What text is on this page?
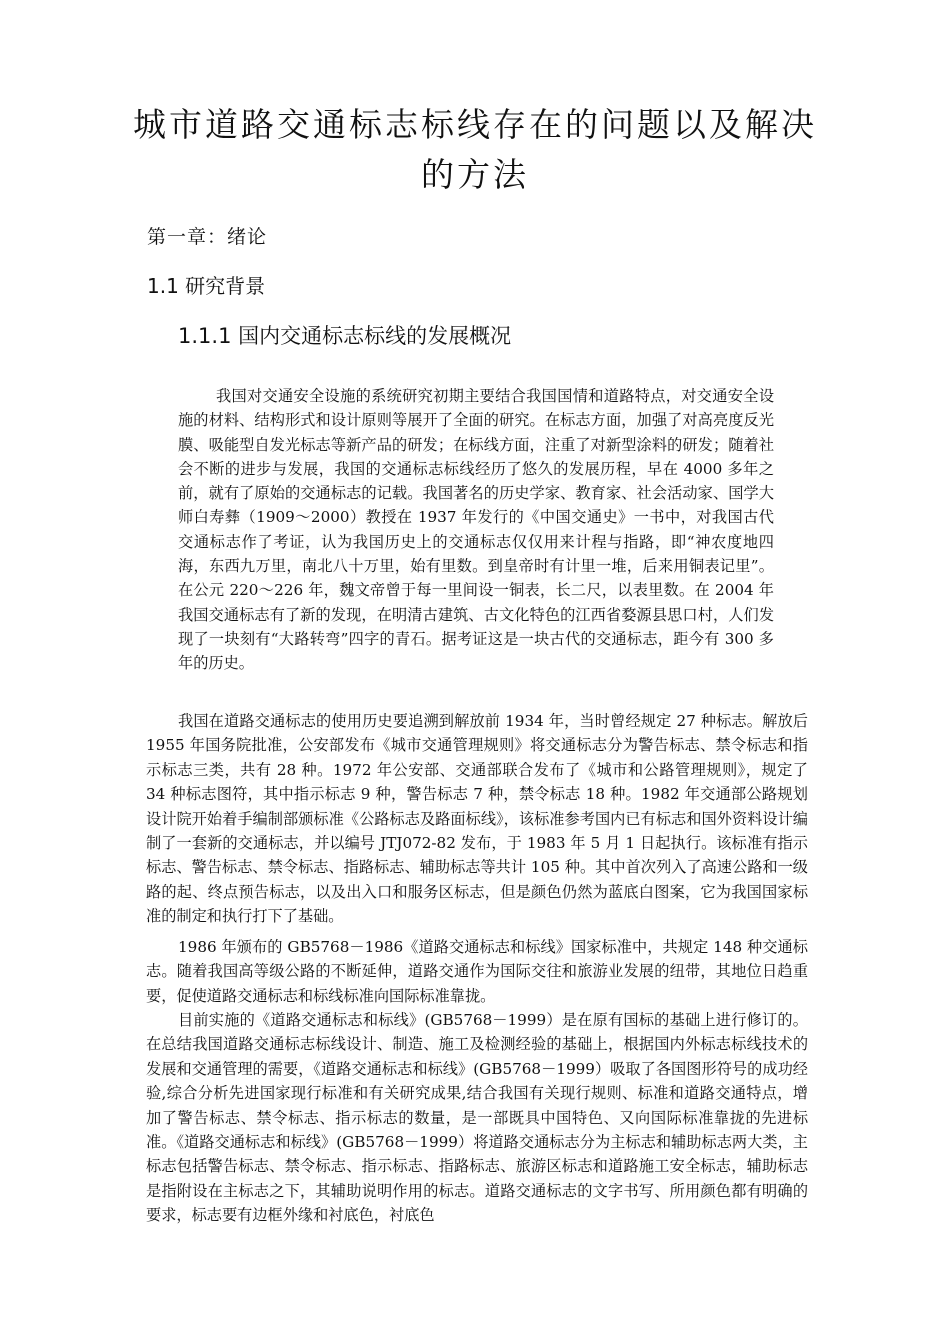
城市道路交通标志标线存在的问题以及解决的方法
第一章：绪论
1.1 研究背景
1.1.1 国内交通标志标线的发展概况

我国对交通安全设施的系统研究初期主要结合我国国情和道路特点，对交通安全设施的材料、结构形式和设计原则等展开了全面的研究。在标志方面，加强了对高亮度反光膜、吸能型自发光标志等新产品的研发；在标线方面，注重了对新型涂料的研发；随着社会不断的进步与发展，我国的交通标志标线经历了悠久的发展历程，早在 4000 多年之前，就有了原始的交通标志的记载。我国著名的历史学家、教育家、社会活动家、国学大师白寿彝（1909～2000）教授在 1937 年发行的《中国交通史》一书中，对我国古代交通标志作了考证，认为我国历史上的交通标志仅仅用来计程与指路，即“神农度地四海，东西九万里，南北八十万里，始有里数。到皇帝时有计里一堆，后来用铜表记里”。在公元 220～226 年，魏文帝曾于每一里间设一铜表，长二尺，以表里数。在 2004 年我国交通标志有了新的发现，在明清古建筑、古文化特色的江西省婺源县思口村，人们发现了一块刻有“大路转弯”四字的青石。据考证这是一块古代的交通标志，距今有 300 多年的历史。

我国在道路交通标志的使用历史要追溯到解放前 1934 年，当时曾经规定 27 种标志。解放后 1955 年国务院批准，公安部发布《城市交通管理规则》将交通标志分为警告标志、禁令标志和指示标志三类，共有 28 种。1972 年公安部、交通部联合发布了《城市和公路管理规则》，规定了 34 种标志图符，其中指示标志 9 种，警告标志 7 种，禁令标志 18 种。1982 年交通部公路规划设计院开始着手编制部颁标准《公路标志及路面标线》，该标准参考国内已有标志和国外资料设计编制了一套新的交通标志，并以编号 JTJ072-82 发布，于 1983 年 5 月 1 日起执行。该标准有指示标志、警告标志、禁令标志、指路标志、辅助标志等共计 105 种。其中首次列入了高速公路和一级路的起、终点预告标志，以及出入口和服务区标志，但是颜色仍然为蓝底白图案，它为我国国家标准的制定和执行打下了基础。

1986 年颁布的 GB5768－1986《道路交通标志和标线》国家标准中，共规定 148 种交通标志。随着我国高等级公路的不断延伸，道路交通作为国际交往和旅游业发展的纽带，其地位日趋重要，促使道路交通标志和标线标准向国际标准靠拢。

目前实施的《道路交通标志和标线》(GB5768－1999）是在原有国标的基础上进行修订的。在总结我国道路交通标志标线设计、制造、施工及检测经验的基础上，根据国内外标志标线技术的发展和交通管理的需要，《道路交通标志和标线》(GB5768－1999）吸取了各国图形符号的成功经验,综合分析先进国家现行标准和有关研究成果,结合我国有关现行规则、标准和道路交通特点，增加了警告标志、禁令标志、指示标志的数量，是一部既具中国特色、又向国际标准靠拢的先进标准。《道路交通标志和标线》(GB5768－1999）将道路交通标志分为主标志和辅助标志两大类，主标志包括警告标志、禁令标志、指示标志、指路标志、旅游区标志和道路施工安全标志，辅助标志是指附设在主标志之下，其辅助说明作用的标志。道路交通标志的文字书写、所用颜色都有明确的要求，标志要有边框外缘和衬底色，衬底色
